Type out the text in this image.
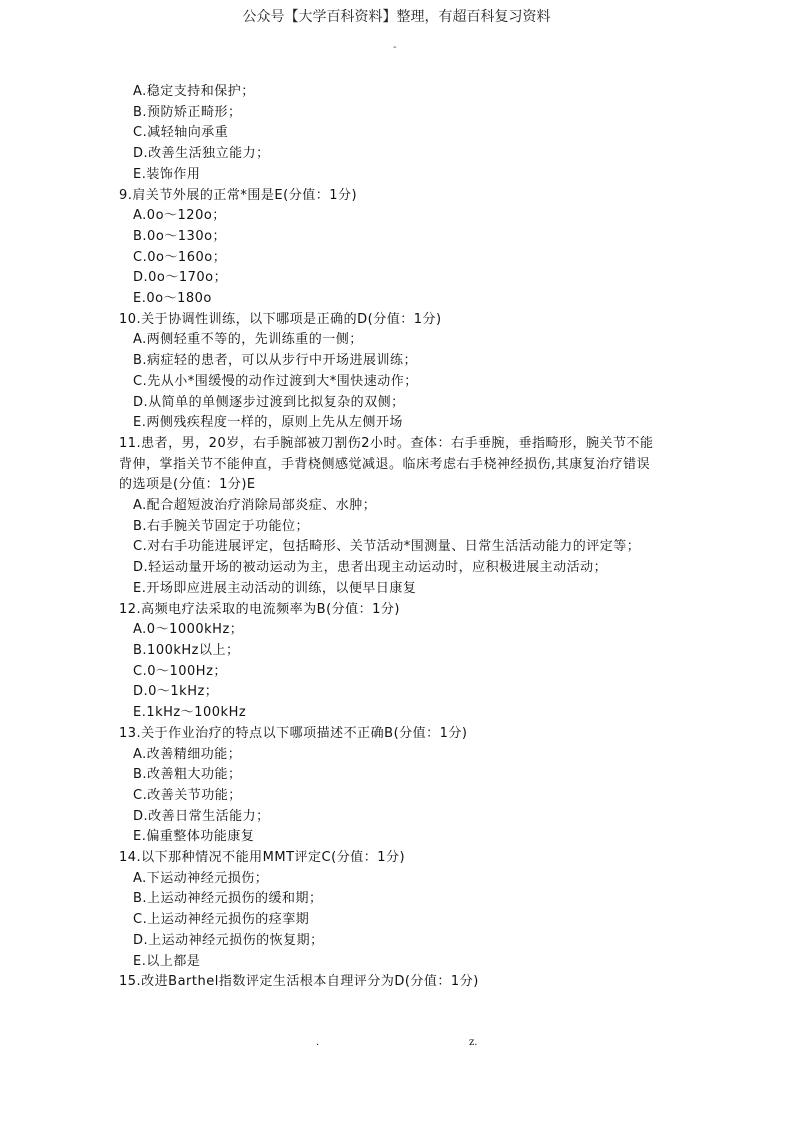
公众号【大学百科资料】整理，有超百科复习资料
-
A.稳定支持和保护；
B.预防矫正畸形；
C.减轻轴向承重
D.改善生活独立能力；
E.装饰作用
9.肩关节外展的正常*围是E(分值：1分)
A.0o～120o；
B.0o～130o；
C.0o～160o；
D.0o～170o；
E.0o～180o
10.关于协调性训练，以下哪项是正确的D(分值：1分)
A.两侧轻重不等的，先训练重的一侧；
B.病症轻的患者，可以从步行中开场进展训练；
C.先从小*围缓慢的动作过渡到大*围快速动作；
D.从简单的单侧逐步过渡到比拟复杂的双侧；
E.两侧残疾程度一样的，原则上先从左侧开场
11.患者，男，20岁，右手腕部被刀割伤2小时。查体：右手垂腕，垂指畸形，腕关节不能
背伸，掌指关节不能伸直，手背桡侧感觉减退。临床考虑右手桡神经损伤,其康复治疗错误
的选项是(分值：1分)E
A.配合超短波治疗消除局部炎症、水肿；
B.右手腕关节固定于功能位；
C.对右手功能进展评定，包括畸形、关节活动*围测量、日常生活活动能力的评定等；
D.轻运动量开场的被动运动为主，患者出现主动运动时，应积极进展主动活动；
E.开场即应进展主动活动的训练，以便早日康复
12.高频电疗法采取的电流频率为B(分值：1分)
A.0～1000kHz；
B.100kHz以上；
C.0～100Hz；
D.0～1kHz；
E.1kHz～100kHz
13.关于作业治疗的特点以下哪项描述不正确B(分值：1分)
A.改善精细功能；
B.改善粗大功能；
C.改善关节功能；
D.改善日常生活能力；
E.偏重整体功能康复
14.以下那种情况不能用MMT评定C(分值：1分)
A.下运动神经元损伤；
B.上运动神经元损伤的缓和期；
C.上运动神经元损伤的痉挛期
D.上运动神经元损伤的恢复期；
E.以上都是
15.改进Barthel指数评定生活根本自理评分为D(分值：1分)
.	z.
